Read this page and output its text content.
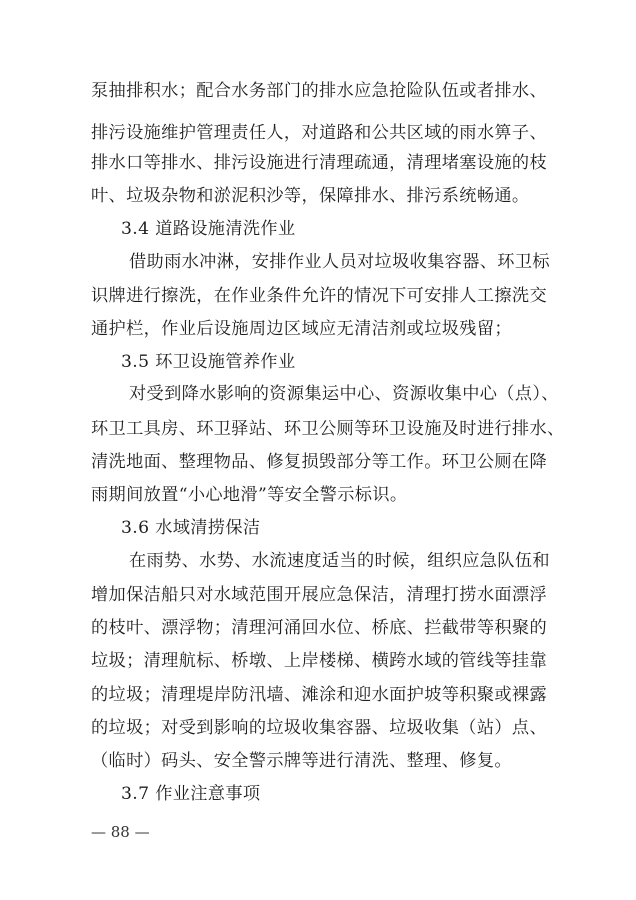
泵抽排积水；配合水务部门的排水应急抢险队伍或者排水、
排污设施维护管理责任人，对道路和公共区域的雨水箅子、
排水口等排水、排污设施进行清理疏通，清理堵塞设施的枝
叶、垃圾杂物和淤泥积沙等，保障排水、排污系统畅通。
3.4 道路设施清洗作业
借助雨水冲淋，安排作业人员对垃圾收集容器、环卫标
识牌进行擦洗，在作业条件允许的情况下可安排人工擦洗交
通护栏，作业后设施周边区域应无清洁剂或垃圾残留；
3.5 环卫设施管养作业
对受到降水影响的资源集运中心、资源收集中心（点）、
环卫工具房、环卫驿站、环卫公厕等环卫设施及时进行排水、
清洗地面、整理物品、修复损毁部分等工作。环卫公厕在降
雨期间放置“小心地滑”等安全警示标识。
3.6 水域清捞保洁
在雨势、水势、水流速度适当的时候，组织应急队伍和
增加保洁船只对水域范围开展应急保洁，清理打捞水面漂浮
的枝叶、漂浮物；清理河涌回水位、桥底、拦截带等积聚的
垃圾；清理航标、桥墩、上岸楼梯、横跨水域的管线等挂靠
的垃圾；清理堤岸防汛墙、滩涂和迎水面护坡等积聚或裸露
的垃圾；对受到影响的垃圾收集容器、垃圾收集（站）点、
（临时）码头、安全警示牌等进行清洗、整理、修复。
3.7 作业注意事项
— 88 —
